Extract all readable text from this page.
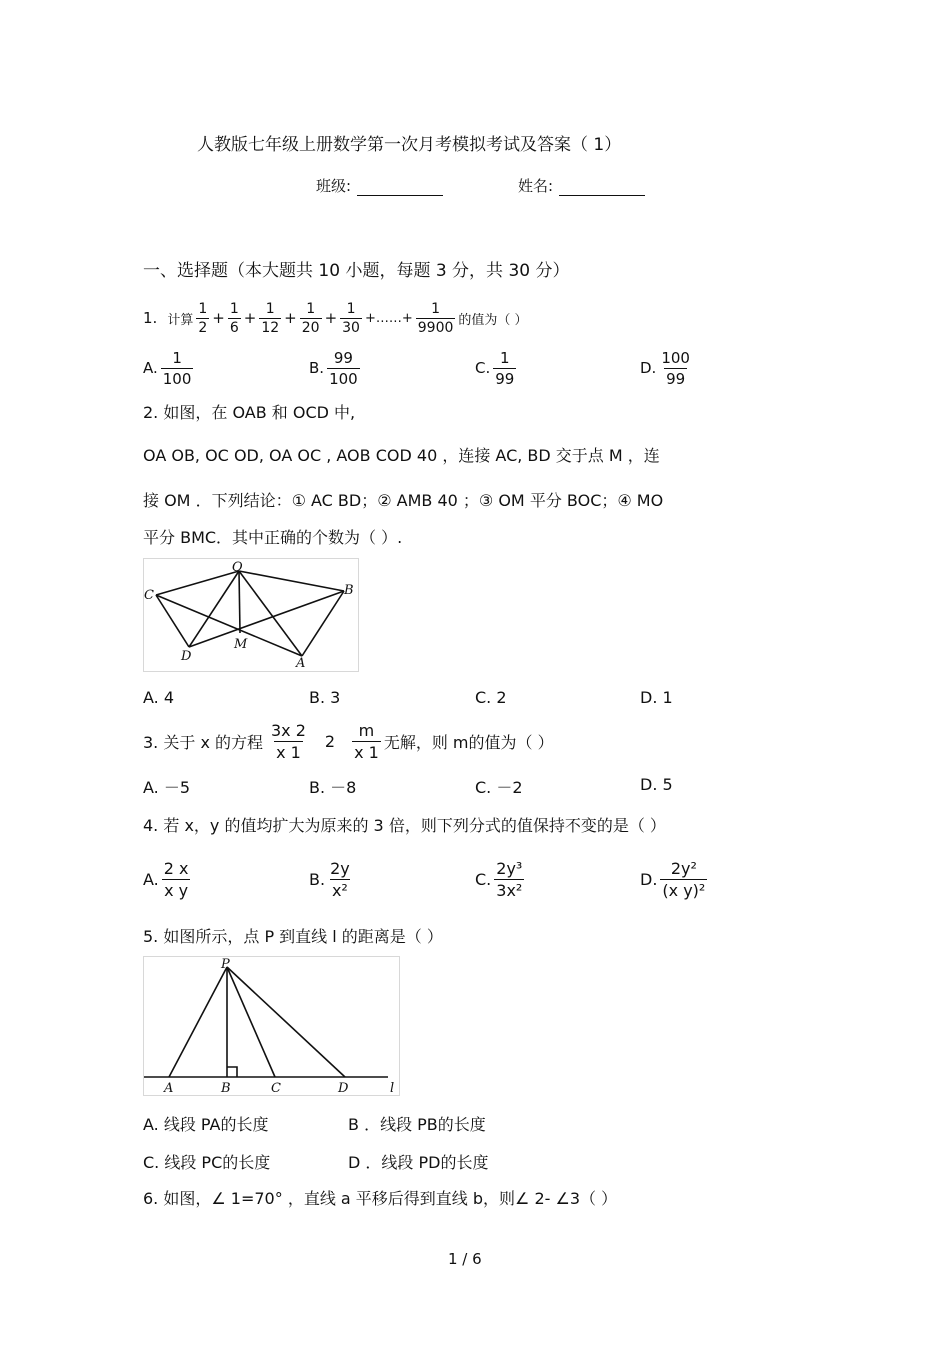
人教版七年级上册数学第一次月考模拟考试及答案（ 1）
班级:	姓名:
一、选择题（本大题共 10 小题，每题 3 分，共 30 分）
1. 计算 $\frac{1}{2} + \frac{1}{6} + \frac{1}{12} + \frac{1}{20} + \frac{1}{30}$ +……+ $\frac{1}{9900}$ 的值为（ ）
A. $\frac{1}{100}$	B. $\frac{99}{100}$	C. $\frac{1}{99}$	D. $\frac{100}{99}$
2. 如图，在 OAB 和 OCD 中,
OA OB, OC OD, OA OC , AOB COD 40 ，连接 AC, BD 交于点 M ，连
接 OM ．下列结论：① AC BD；② AMB 40 ；③ OM 平分 BOC；④ MO
平分 BMC．其中正确的个数为（ ）.
O
B
C
D
M
A
A. 4	B. 3	C. 2	D. 1
3. 关于 x 的方程 $\frac{3x 2}{x 1} 2 \frac{m}{x 1}$ 无解，则 m的值为（ ）
A. －5	B. －8	C. －2	D. 5
4. 若 x，y 的值均扩大为原来的 3 倍，则下列分式的值保持不变的是（ ）
A. $\frac{2 x}{\text{x y}}$	B. $\frac{2y}{\text{x²}}$	C. $\frac{\text{2y³}}{\text{3x²}}$	D. $\frac{\text{2y²}}{\text{(x y)²}}$
5. 如图所示，点 P 到直线 l 的距离是（ ）
P
A	B	C	D	l
A. 线段 PA的长度	B ．线段 PB的长度
C. 线段 PC的长度	D ．线段 PD的长度
6. 如图，∠ 1=70° ，直线 a 平移后得到直线 b，则∠ 2- ∠3（ ）
1 / 6
